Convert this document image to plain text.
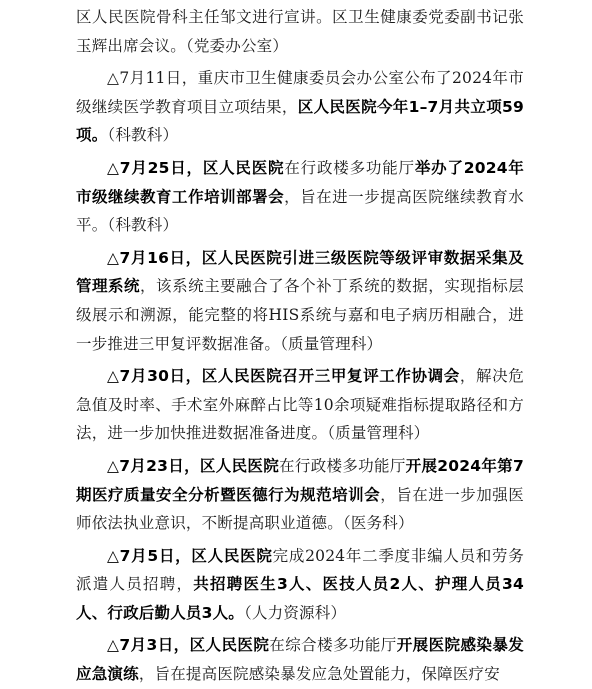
区人民医院骨科主任邹文进行宣讲。区卫生健康委党委副书记张玉辉出席会议。（党委办公室）

△7月11日，重庆市卫生健康委员会办公室公布了2024年市级继续医学教育项目立项结果，区人民医院今年1–7月共立项59项。（科教科）

△7月25日，区人民医院在行政楼多功能厅举办了2024年市级继续教育工作培训部署会，旨在进一步提高医院继续教育水平。（科教科）

△7月16日，区人民医院引进三级医院等级评审数据采集及管理系统，该系统主要融合了各个补丁系统的数据，实现指标层级展示和溯源，能完整的将HIS系统与嘉和电子病历相融合，进一步推进三甲复评数据准备。（质量管理科）

△7月30日，区人民医院召开三甲复评工作协调会，解决危急值及时率、手术室外麻醉占比等10余项疑难指标提取路径和方法，进一步加快推进数据准备进度。（质量管理科）

△7月23日，区人民医院在行政楼多功能厅开展2024年第7期医疗质量安全分析暨医德行为规范培训会，旨在进一步加强医师依法执业意识，不断提高职业道德。（医务科）

△7月5日，区人民医院完成2024年二季度非编人员和劳务派遣人员招聘，共招聘医生3人、医技人员2人、护理人员34人、行政后勤人员3人。（人力资源科）

△7月3日，区人民医院在综合楼多功能厅开展医院感染暴发应急演练，旨在提高医院感染暴发应急处置能力，保障医疗安
